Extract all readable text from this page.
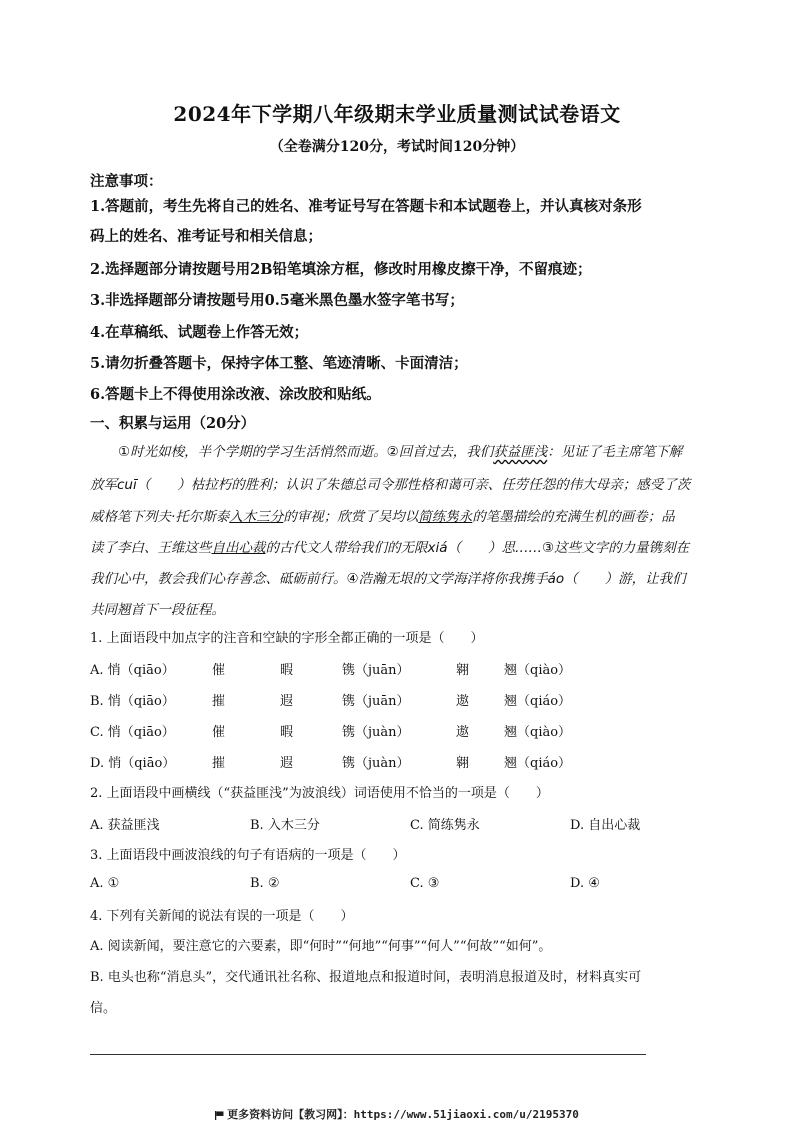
2024年下学期八年级期末学业质量测试试卷语文
（全卷满分120分，考试时间120分钟）
注意事项：
1.答题前，考生先将自己的姓名、准考证号写在答题卡和本试题卷上，并认真核对条形
码上的姓名、准考证号和相关信息；
2.选择题部分请按题号用2B铅笔填涂方框，修改时用橡皮擦干净，不留痕迹；
3.非选择题部分请按题号用0.5毫米黑色墨水签字笔书写；
4.在草稿纸、试题卷上作答无效；
5.请勿折叠答题卡，保持字体工整、笔迹清晰、卡面清洁；
6.答题卡上不得使用涂改液、涂改胶和贴纸。
一、积累与运用（20分）
①时光如梭，半个学期的学习生活悄然而逝。②回首过去，我们获益匪浅：见证了毛主席笔下解
放军cuī（　　）枯拉朽的胜利；认识了朱德总司令那性格和蔼可亲、任劳任怨的伟大母亲；感受了茨
威格笔下列夫·托尔斯泰入木三分的审视；欣赏了吴均以简练隽永的笔墨描绘的充满生机的画卷；品
读了李白、王维这些自出心裁的古代文人带给我们的无限xiá（　　）思……③这些文字的力量镌刻在
我们心中，教会我们心存善念、砥砺前行。④浩瀚无垠的文学海洋将你我携手áo（　　）游，让我们
共同翘首下一段征程。
1. 上面语段中加点字的注音和空缺的字形全都正确的一项是（　　）
A. 悄（qiāo）	催	暇	镌（juān）	翱	翘（qiào）
B. 悄（qiāo）	摧	遐	镌（juān）	遨	翘（qiáo）
C. 悄（qiāo）	催	暇	镌（juàn）	遨	翘（qiào）
D. 悄（qiāo）	摧	遐	镌（juàn）	翱	翘（qiáo）
2. 上面语段中画横线（“获益匪浅”为波浪线）词语使用不恰当的一项是（　　）
A. 获益匪浅	B. 入木三分	C. 简练隽永	D. 自出心裁
3. 上面语段中画波浪线的句子有语病的一项是（　　）
A. ①	B. ②	C. ③	D. ④
4. 下列有关新闻的说法有误的一项是（　　）
A. 阅读新闻，要注意它的六要素，即“何时”“何地”“何事”“何人”“何故”“如何”。
B. 电头也称“消息头”，交代通讯社名称、报道地点和报道时间，表明消息报道及时，材料真实可
信。
更多资料访问【教习网】：https://www.51jiaoxi.com/u/2195370
